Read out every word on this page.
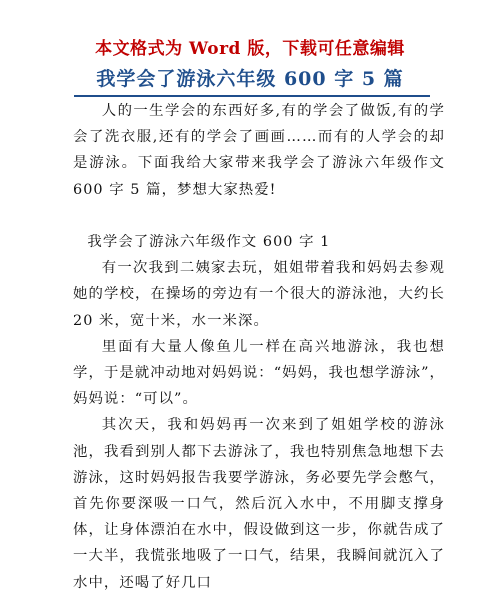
本文格式为 Word 版，下载可任意编辑
我学会了游泳六年级 600 字 5 篇

人的一生学会的东西好多,有的学会了做饭,有的学会了洗衣服,还有的学会了画画……而有的人学会的却是游泳。下面我给大家带来我学会了游泳六年级作文 600 字 5 篇，梦想大家热爱!

我学会了游泳六年级作文 600 字 1

有一次我到二姨家去玩，姐姐带着我和妈妈去参观她的学校，在操场的旁边有一个很大的游泳池，大约长 20 米，宽十米，水一米深。

里面有大量人像鱼儿一样在高兴地游泳，我也想学，于是就冲动地对妈妈说：“妈妈，我也想学游泳”，妈妈说：“可以”。

其次天，我和妈妈再一次来到了姐姐学校的游泳池，我看到别人都下去游泳了，我也特别焦急地想下去游泳，这时妈妈报告我要学游泳，务必要先学会憋气，首先你要深吸一口气，然后沉入水中，不用脚支撑身体，让身体漂泊在水中，假设做到这一步，你就告成了一大半，我慌张地吸了一口气，结果，我瞬间就沉入了水中，还喝了好几口
